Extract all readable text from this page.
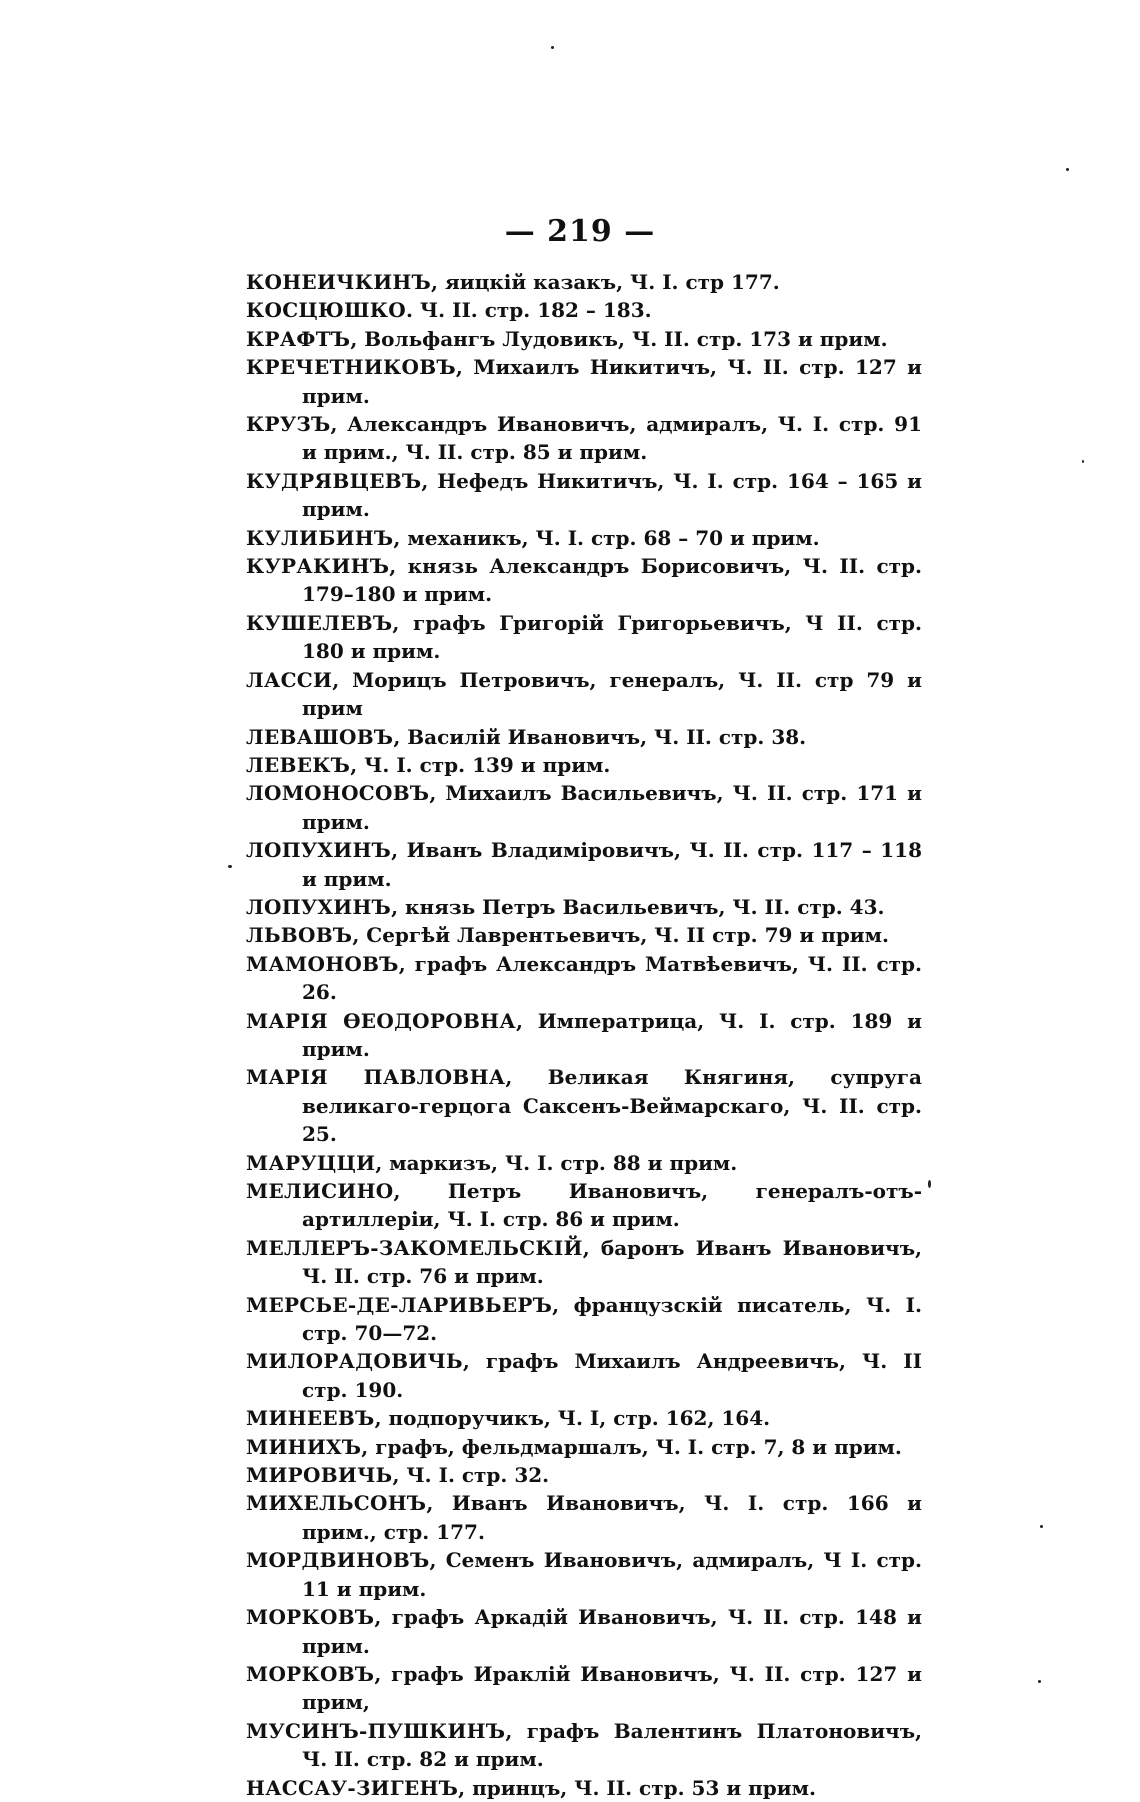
— 219 —
КОНЕИЧКИНЪ, яицкій казакъ, Ч. I. стр 177.
КОСЦЮШКО. Ч. II. стр. 182 – 183.
КРАФТЪ, Вольфангъ Лудовикъ, Ч. II. стр. 173 и прим.
КРЕЧЕТНИКОВЪ, Михаилъ Никитичъ, Ч. II. стр. 127 и прим.
КРУЗЪ, Александръ Ивановичъ, адмиралъ, Ч. I. стр. 91 и прим., Ч. II. стр. 85 и прим.
КУДРЯВЦЕВЪ, Нефедъ Никитичъ, Ч. I. стр. 164 – 165 и прим.
КУЛИБИНЪ, механикъ, Ч. I. стр. 68 – 70 и прим.
КУРАКИНЪ, князь Александръ Борисовичъ, Ч. II. стр. 179–180 и прим.
КУШЕЛЕВЪ, графъ Григорій Григорьевичъ, Ч II. стр. 180 и прим.
ЛАССИ, Морицъ Петровичъ, генералъ, Ч. II. стр 79 и прим
ЛЕВАШОВЪ, Василій Ивановичъ, Ч. II. стр. 38.
ЛЕВЕКЪ, Ч. I. стр. 139 и прим.
ЛОМОНОСОВЪ, Михаилъ Васильевичъ, Ч. II. стр. 171 и прим.
ЛОПУХИНЪ, Иванъ Владиміровичъ, Ч. II. стр. 117 – 118 и прим.
ЛОПУХИНЪ, князь Петръ Васильевичъ, Ч. II. стр. 43.
ЛЬВОВЪ, Сергѣй Лаврентьевичъ, Ч. II стр. 79 и прим.
МАМОНОВЪ, графъ Александръ Матвѣевичъ, Ч. II. стр. 26.
МАРІЯ ѲЕОДОРОВНА, Императрица, Ч. I. стр. 189 и прим.
МАРІЯ ПАВЛОВНА, Великая Княгиня, супруга великаго-герцога Саксенъ-Веймарскаго, Ч. II. стр. 25.
МАРУЦЦИ, маркизъ, Ч. I. стр. 88 и прим.
МЕЛИСИНО, Петръ Ивановичъ, генералъ-отъ-артиллеріи, Ч. I. стр. 86 и прим.
МЕЛЛЕРЪ-ЗАКОМЕЛЬСКІЙ, баронъ Иванъ Ивановичъ, Ч. II. стр. 76 и прим.
МЕРСЬЕ-ДЕ-ЛАРИВЬЕРЪ, французскій писатель, Ч. I. стр. 70—72.
МИЛОРАДОВИЧЬ, графъ Михаилъ Андреевичъ, Ч. II стр. 190.
МИНЕЕВЪ, подпоручикъ, Ч. I, стр. 162, 164.
МИНИХЪ, графъ, фельдмаршалъ, Ч. I. стр. 7, 8 и прим.
МИРОВИЧЬ, Ч. I. стр. 32.
МИХЕЛЬСОНЪ, Иванъ Ивановичъ, Ч. I. стр. 166 и прим., стр. 177.
МОРДВИНОВЪ, Семенъ Ивановичъ, адмиралъ, Ч I. стр. 11 и прим.
МОРКОВЪ, графъ Аркадій Ивановичъ, Ч. II. стр. 148 и прим.
МОРКОВЪ, графъ Ираклій Ивановичъ, Ч. II. стр. 127 и прим,
МУСИНЪ-ПУШКИНЪ, графъ Валентинъ Платоновичъ, Ч. II. стр. 82 и прим.
НАССАУ-ЗИГЕНЪ, принцъ, Ч. II. стр. 53 и прим.
